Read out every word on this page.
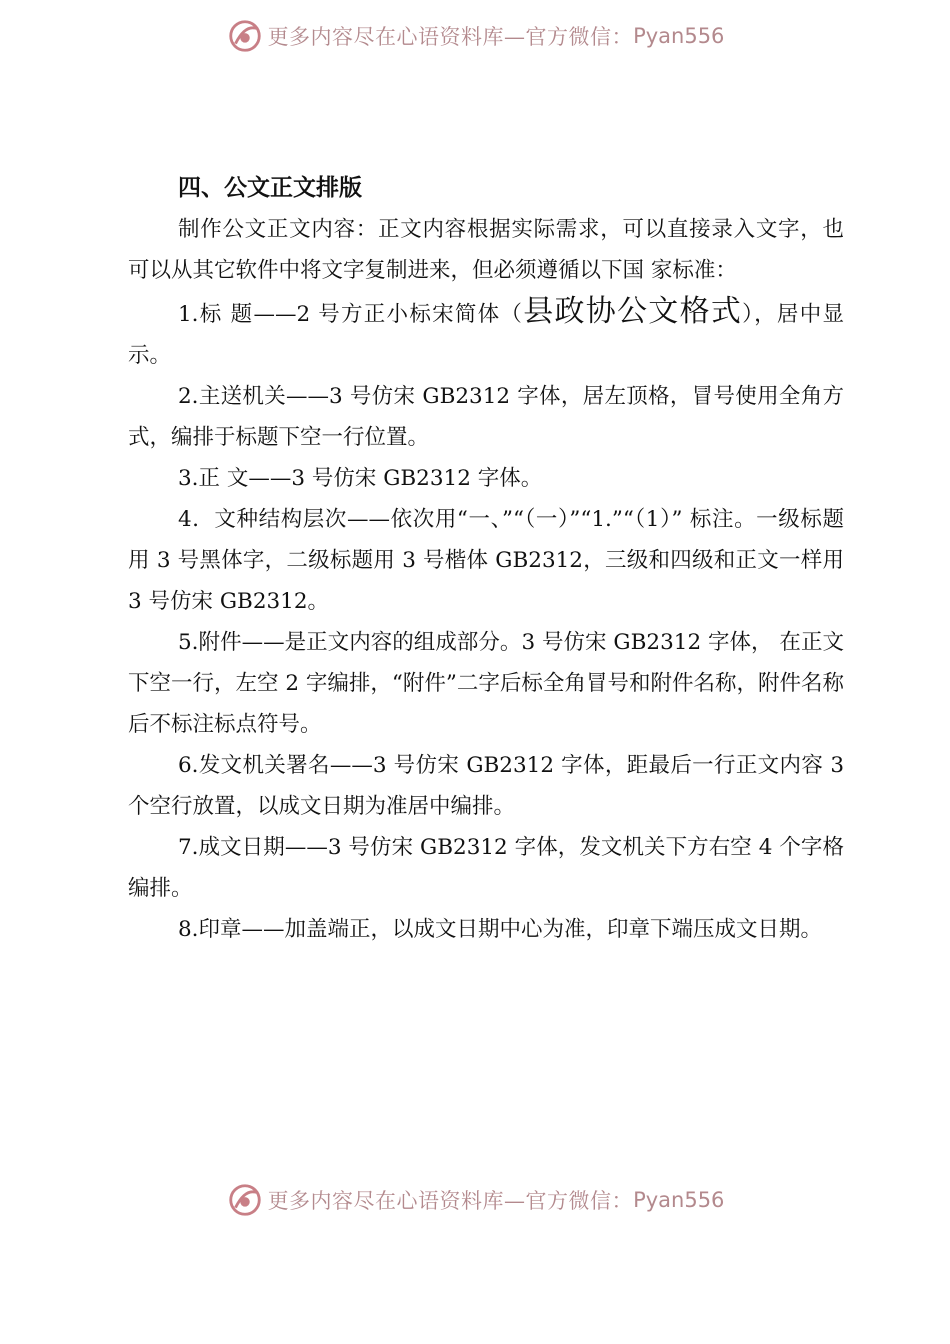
更多内容尽在心语资料库—官方微信： Pyan556

四、公文正文排版

制作公文正文内容：正文内容根据实际需求，可以直接录入文字，也可以从其它软件中将文字复制进来，但必须遵循以下国 家标准：

1.标 题——2 号方正小标宋简体（县政协公文格式），居中显示。

2.主送机关——3 号仿宋 GB2312 字体，居左顶格，冒号使用全角方式，编排于标题下空一行位置。

3.正 文——3 号仿宋 GB2312 字体。

4．文种结构层次——依次用“一、”“（一）”“1.”“（1）” 标注。一级标题用 3 号黑体字，二级标题用 3 号楷体 GB2312，三级和四级和正文一样用 3 号仿宋 GB2312。

5.附件——是正文内容的组成部分。3 号仿宋 GB2312 字体， 在正文下空一行，左空 2 字编排，“附件”二字后标全角冒号和附件名称，附件名称后不标注标点符号。

6.发文机关署名——3 号仿宋 GB2312 字体，距最后一行正文内容 3 个空行放置，以成文日期为准居中编排。

7.成文日期——3 号仿宋 GB2312 字体，发文机关下方右空 4 个字格编排。

8.印章——加盖端正，以成文日期中心为准，印章下端压成文日期。

更多内容尽在心语资料库—官方微信： Pyan556
